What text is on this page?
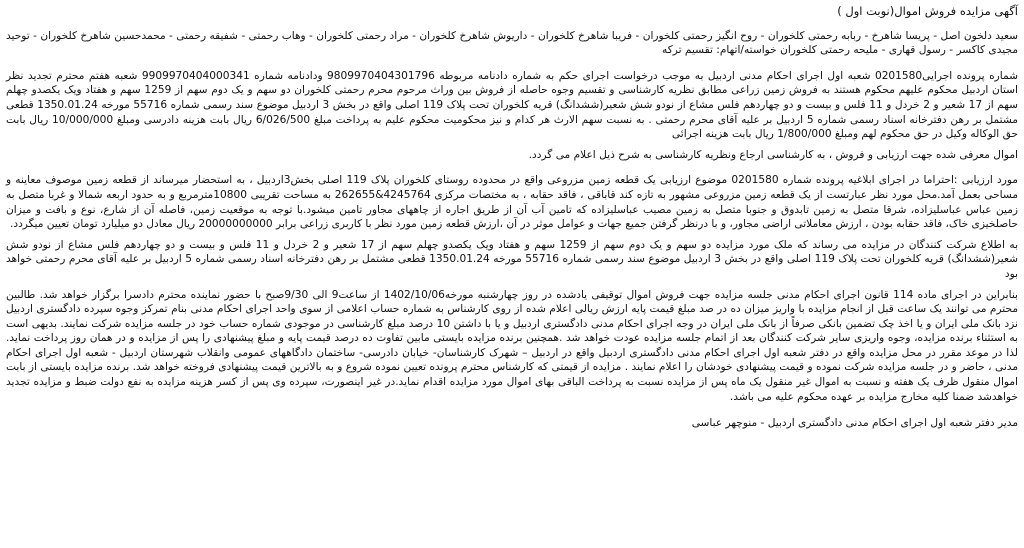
آگهی مزایده فروش اموال(نوبت اول )
سعید دلخون اصل - پریسا شاهرخ - ربابه رحمتی کلخوران - روح انگیز رحمتی کلخوران - فریبا شاهرخ کلخوران - داریوش شاهرخ کلخوران - مراد رحمتی کلخوران - وهاب رحمتی - شفیقه رحمتی - محمدحسین شاهرخ کلخوران - توحید مجیدی کاکسر - رسول قهاری - ملیحه رحمتی کلخوران خواسته/اتهام: تقسیم ترکه
شماره پرونده اجرایی0201580 شعبه اول اجرای احکام مدنی اردبیل به موجب درخواست اجرای حکم به شماره دادنامه مربوطه 9809970404301796 ودادنامه شماره 9909970404000341 شعبه هفتم محترم تجدید نظر استان اردبیل محکوم علیهم محکوم هستند به فروش زمین زراعی مطابق نظریه کارشناسی و تقسیم وجوه حاصله از فروش بین وراث مرحوم محرم رحمتی کلخوران دو سهم و یک دوم سهم از 1259 سهم و هفتاد ویک یکصدو چهلم سهم از 17 شعیر و 2 خردل و 11 فلس و بیست و دو چهاردهم فلس مشاع از نودو شش شعیر(ششدانگ) قریه کلخوران تحت پلاک 119 اصلی واقع در بخش 3 اردبیل موضوع سند رسمی شماره 55716 مورخه 1350.01.24 قطعی مشتمل بر رهن دفترخانه اسناد رسمی شماره 5 اردبیل بر علیه آقای محرم رحمتی . به نسبت سهم الارث هر کدام و نیز محکومیت محکوم علیم به پرداخت مبلغ 6/026/500 ریال بابت هزینه دادرسی ومبلغ 10/000/000 ریال بابت حق الوکاله وکیل در حق محکوم لهم ومبلغ 1/800/000 ریال بابت هزینه اجرائی
اموال معرفی شده جهت ارزیابی و فروش ، به کارشناسی ارجاع ونظریه کارشناسی به شرح ذیل اعلام می گردد.
مورد ارزیابی :احتراما در اجرای ابلاغیه پرونده شماره 0201580 موضوع ارزیابی یک قطعه زمین مزروعی واقع در محدوده روستای کلخوران پلاک 119 اصلی بخش3اردبیل ، به استحضار میرساند از قطعه زمین موصوف معاینه و مساحی بعمل آمد.محل مورد نظر عبارتست از یک قطعه زمین مزروعی مشهور به تازه کند قاباقی ، فاقد حقابه ، به مختصات مرکزی 4245764&262655 به مساحت تقریبی 10800مترمربع و به حدود اربعه شمالا و غربا متصل به زمین عباس عباسلیزاده، شرقا متصل به زمین تابدوق و جنوبا متصل به زمین مصیب عباسلیزاده که تامین آب آن از طریق اجاره از چاههای مجاور تامین میشود.با توجه به موقعیت زمین، فاصله آن از شارع، نوع و بافت و میزان حاصلخیزی خاک، فاقد حقابه بودن ، ارزش معاملاتی اراضی مجاور، و با درنظر گرفتن جمیع جهات و عوامل موثر در آن ،ارزش قطعه زمین مورد نظر با کاربری زراعی برابر 20000000000 ریال معادل دو میلیارد تومان تعیین میگردد.
به اطلاع شرکت کنندگان در مزایده می رساند که ملک مورد مزایده دو سهم و یک دوم سهم از 1259 سهم و هفتاد ویک یکصدو چهلم سهم از 17 شعیر و 2 خردل و 11 فلس و بیست و دو چهاردهم فلس مشاع از نودو شش شعیر(ششدانگ) قریه کلخوران تحت پلاک 119 اصلی واقع در بخش 3 اردبیل موضوع سند رسمی شماره 55716 مورخه 1350.01.24 قطعی مشتمل بر رهن دفترخانه اسناد رسمی شماره 5 اردبیل بر علیه آقای محرم رحمتی خواهد بود
بنابراین در اجرای ماده 114 قانون اجرای احکام مدنی جلسه مزایده جهت فروش اموال توقیفی یادشده در روز چهارشنبه مورخه1402/10/06 از ساعت9 الی 9/30صبح با حضور نماینده محترم دادسرا برگزار خواهد شد. طالبین محترم می توانند یک ساعت قبل از انجام مزایده با واریز میزان ده در صد مبلغ قیمت پایه ارزش ریالی اعلام شده از روی کارشناس به شماره حساب اعلامی از سوی واحد اجرای احکام مدنی بنام تمرکز وجوه سپرده دادگستری اردبیل نزد بانک ملی ایران و یا اخذ چک تضمین بانکی صرفاً از بانک ملی ایران در وجه اجرای احکام مدنی دادگستری اردبیل و یا با داشتن 10 درصد مبلغ کارشناسی در موجودی شماره حساب خود در جلسه مزایده شرکت نمایند. بدیهی است به استثناء برنده مزایده، وجوه واریزی سایر شرکت کنندگان بعد از اتمام جلسه مزایده عودت خواهد شد .همچنین برنده مزایده بایستی مابین تفاوت ده درصد قیمت پایه و مبلغ پیشنهادی را پس از مزایده و در همان روز پرداخت نماید. لذا در موعد مقرر در محل مزایده واقع در دفتر شعبه اول اجرای احکام مدنی دادگستری اردبیل واقع در اردبیل – شهرک کارشناسان- خیابان دادرسی- ساختمان دادگاههای عمومی وانقلاب شهرستان اردبیل - شعبه اول اجرای احکام مدنی ، حاضر و در جلسه مزایده شرکت نموده و قیمت پیشنهادی خودشان را اعلام نمایند . مزایده از قیمتی که کارشناس محترم پرونده تعیین نموده شروع و به بالاترین قیمت پیشنهادی فروخته خواهد شد. برنده مزایده بایستی از بابت اموال منقول ظرف یک هفته و نسبت به اموال غیر منقول یک ماه پس از مزایده نسبت به پرداخت الباقی بهای اموال مورد مزایده اقدام نماید.در غیر اینصورت، سپرده وی پس از کسر هزینه مزایده به نفع دولت ضبط و مزایده تجدید خواهدشد ضمنا کلیه مخارج مزایده بر عهده محکوم علیه می باشد.
مدیر دفتر شعبه اول اجرای احکام مدنی دادگستری اردبیل - منوچهر عباسی
